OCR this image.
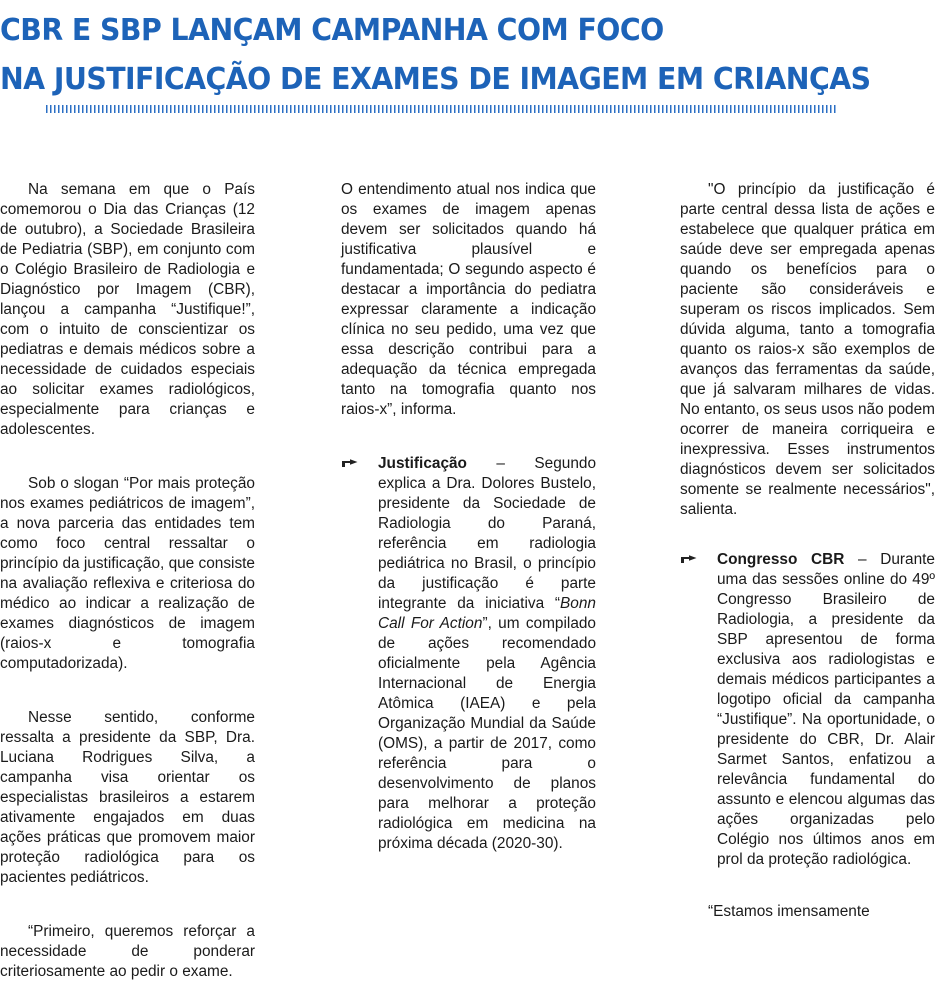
CBR E SBP LANÇAM CAMPANHA COM FOCO
NA JUSTIFICAÇÃO DE EXAMES DE IMAGEM EM CRIANÇAS

Na semana em que o País comemorou o Dia das Crianças (12 de outubro), a Sociedade Brasileira de Pediatria (SBP), em conjunto com o Colégio Brasileiro de Radiologia e Diagnóstico por Imagem (CBR), lançou a campanha “Justifique!”, com o intuito de conscientizar os pediatras e demais médicos sobre a necessidade de cuidados especiais ao solicitar exames radiológicos, especialmente para crianças e adolescentes.

Sob o slogan “Por mais proteção nos exames pediátricos de imagem”, a nova parceria das entidades tem como foco central ressaltar o princípio da justificação, que consiste na avaliação reflexiva e criteriosa do médico ao indicar a realização de exames diagnósticos de imagem (raios-x e tomografia computadorizada).

Nesse sentido, conforme ressalta a presidente da SBP, Dra. Luciana Rodrigues Silva, a campanha visa orientar os especialistas brasileiros a estarem ativamente engajados em duas ações práticas que promovem maior proteção radiológica para os pacientes pediátricos.

“Primeiro, queremos reforçar a necessidade de ponderar criteriosamente ao pedir o exame.

O entendimento atual nos indica que os exames de imagem apenas devem ser solicitados quando há justificativa plausível e fundamentada; O segundo aspecto é destacar a importância do pediatra expressar claramente a indicação clínica no seu pedido, uma vez que essa descrição contribui para a adequação da técnica empregada tanto na tomografia quanto nos raios-x”, informa.

Justificação – Segundo explica a Dra. Dolores Bustelo, presidente da Sociedade de Radiologia do Paraná, referência em radiologia pediátrica no Brasil, o princípio da justificação é parte integrante da iniciativa “Bonn Call For Action”, um compilado de ações recomendado oficialmente pela Agência Internacional de Energia Atômica (IAEA) e pela Organização Mundial da Saúde (OMS), a partir de 2017, como referência para o desenvolvimento de planos para melhorar a proteção radiológica em medicina na próxima década (2020-30).

"O princípio da justificação é parte central dessa lista de ações e estabelece que qualquer prática em saúde deve ser empregada apenas quando os benefícios para o paciente são consideráveis e superam os riscos implicados. Sem dúvida alguma, tanto a tomografia quanto os raios-x são exemplos de avanços das ferramentas da saúde, que já salvaram milhares de vidas. No entanto, os seus usos não podem ocorrer de maneira corriqueira e inexpressiva. Esses instrumentos diagnósticos devem ser solicitados somente se realmente necessários", salienta.

Congresso CBR – Durante uma das sessões online do 49º Congresso Brasileiro de Radiologia, a presidente da SBP apresentou de forma exclusiva aos radiologistas e demais médicos participantes a logotipo oficial da campanha “Justifique”. Na oportunidade, o presidente do CBR, Dr. Alair Sarmet Santos, enfatizou a relevância fundamental do assunto e elencou algumas das ações organizadas pelo Colégio nos últimos anos em prol da proteção radiológica.

“Estamos imensamente
